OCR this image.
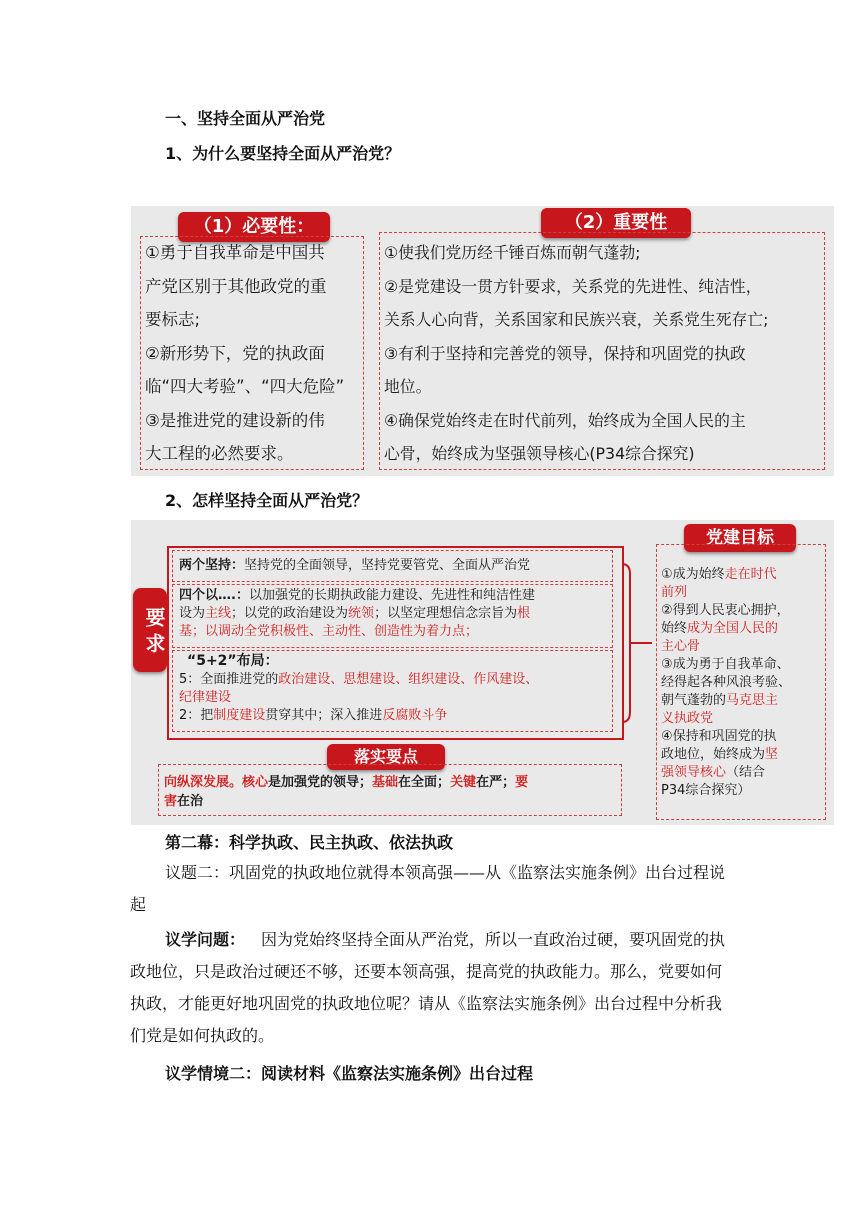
一、坚持全面从严治党
1、为什么要坚持全面从严治党？
（1）必要性：	（2）重要性
①勇于自我革命是中国共
产党区别于其他政党的重
要标志;
②新形势下，党的执政面
临“四大考验”、“四大危险”
③是推进党的建设新的伟
大工程的必然要求。
①使我们党历经千锤百炼而朝气蓬勃;
②是党建设一贯方针要求，关系党的先进性、纯洁性，
关系人心向背，关系国家和民族兴衰，关系党生死存亡;
③有利于坚持和完善党的领导，保持和巩固党的执政
地位。
④确保党始终走在时代前列，始终成为全国人民的主
心骨，始终成为坚强领导核心(P34综合探究)
2、怎样坚持全面从严治党？
要求
两个坚持：坚持党的全面领导，坚持党要管党、全面从严治党
四个以….：以加强党的长期执政能力建设、先进性和纯洁性建
设为主线；以党的政治建设为统领；以坚定理想信念宗旨为根
基；以调动全党积极性、主动性、创造性为着力点；
“5+2”布局：
5：全面推进党的政治建设、思想建设、组织建设、作风建设、
纪律建设
2：把制度建设贯穿其中；深入推进反腐败斗争
落实要点
向纵深发展。核心是加强党的领导；基础在全面；关键在严；要
害在治
党建目标
①成为始终走在时代
前列
②得到人民衷心拥护，
始终成为全国人民的
主心骨
③成为勇于自我革命、
经得起各种风浪考验、
朝气蓬勃的马克思主
义执政党
④保持和巩固党的执
政地位，始终成为坚
强领导核心（结合
P34综合探究）
第二幕：科学执政、民主执政、依法执政
议题二：巩固党的执政地位就得本领高强——从《监察法实施条例》出台过程说起
议学问题： 因为党始终坚持全面从严治党，所以一直政治过硬，要巩固党的执政地位，只是政治过硬还不够，还要本领高强，提高党的执政能力。那么，党要如何执政，才能更好地巩固党的执政地位呢？请从《监察法实施条例》出台过程中分析我们党是如何执政的。
议学情境二：阅读材料《监察法实施条例》出台过程
